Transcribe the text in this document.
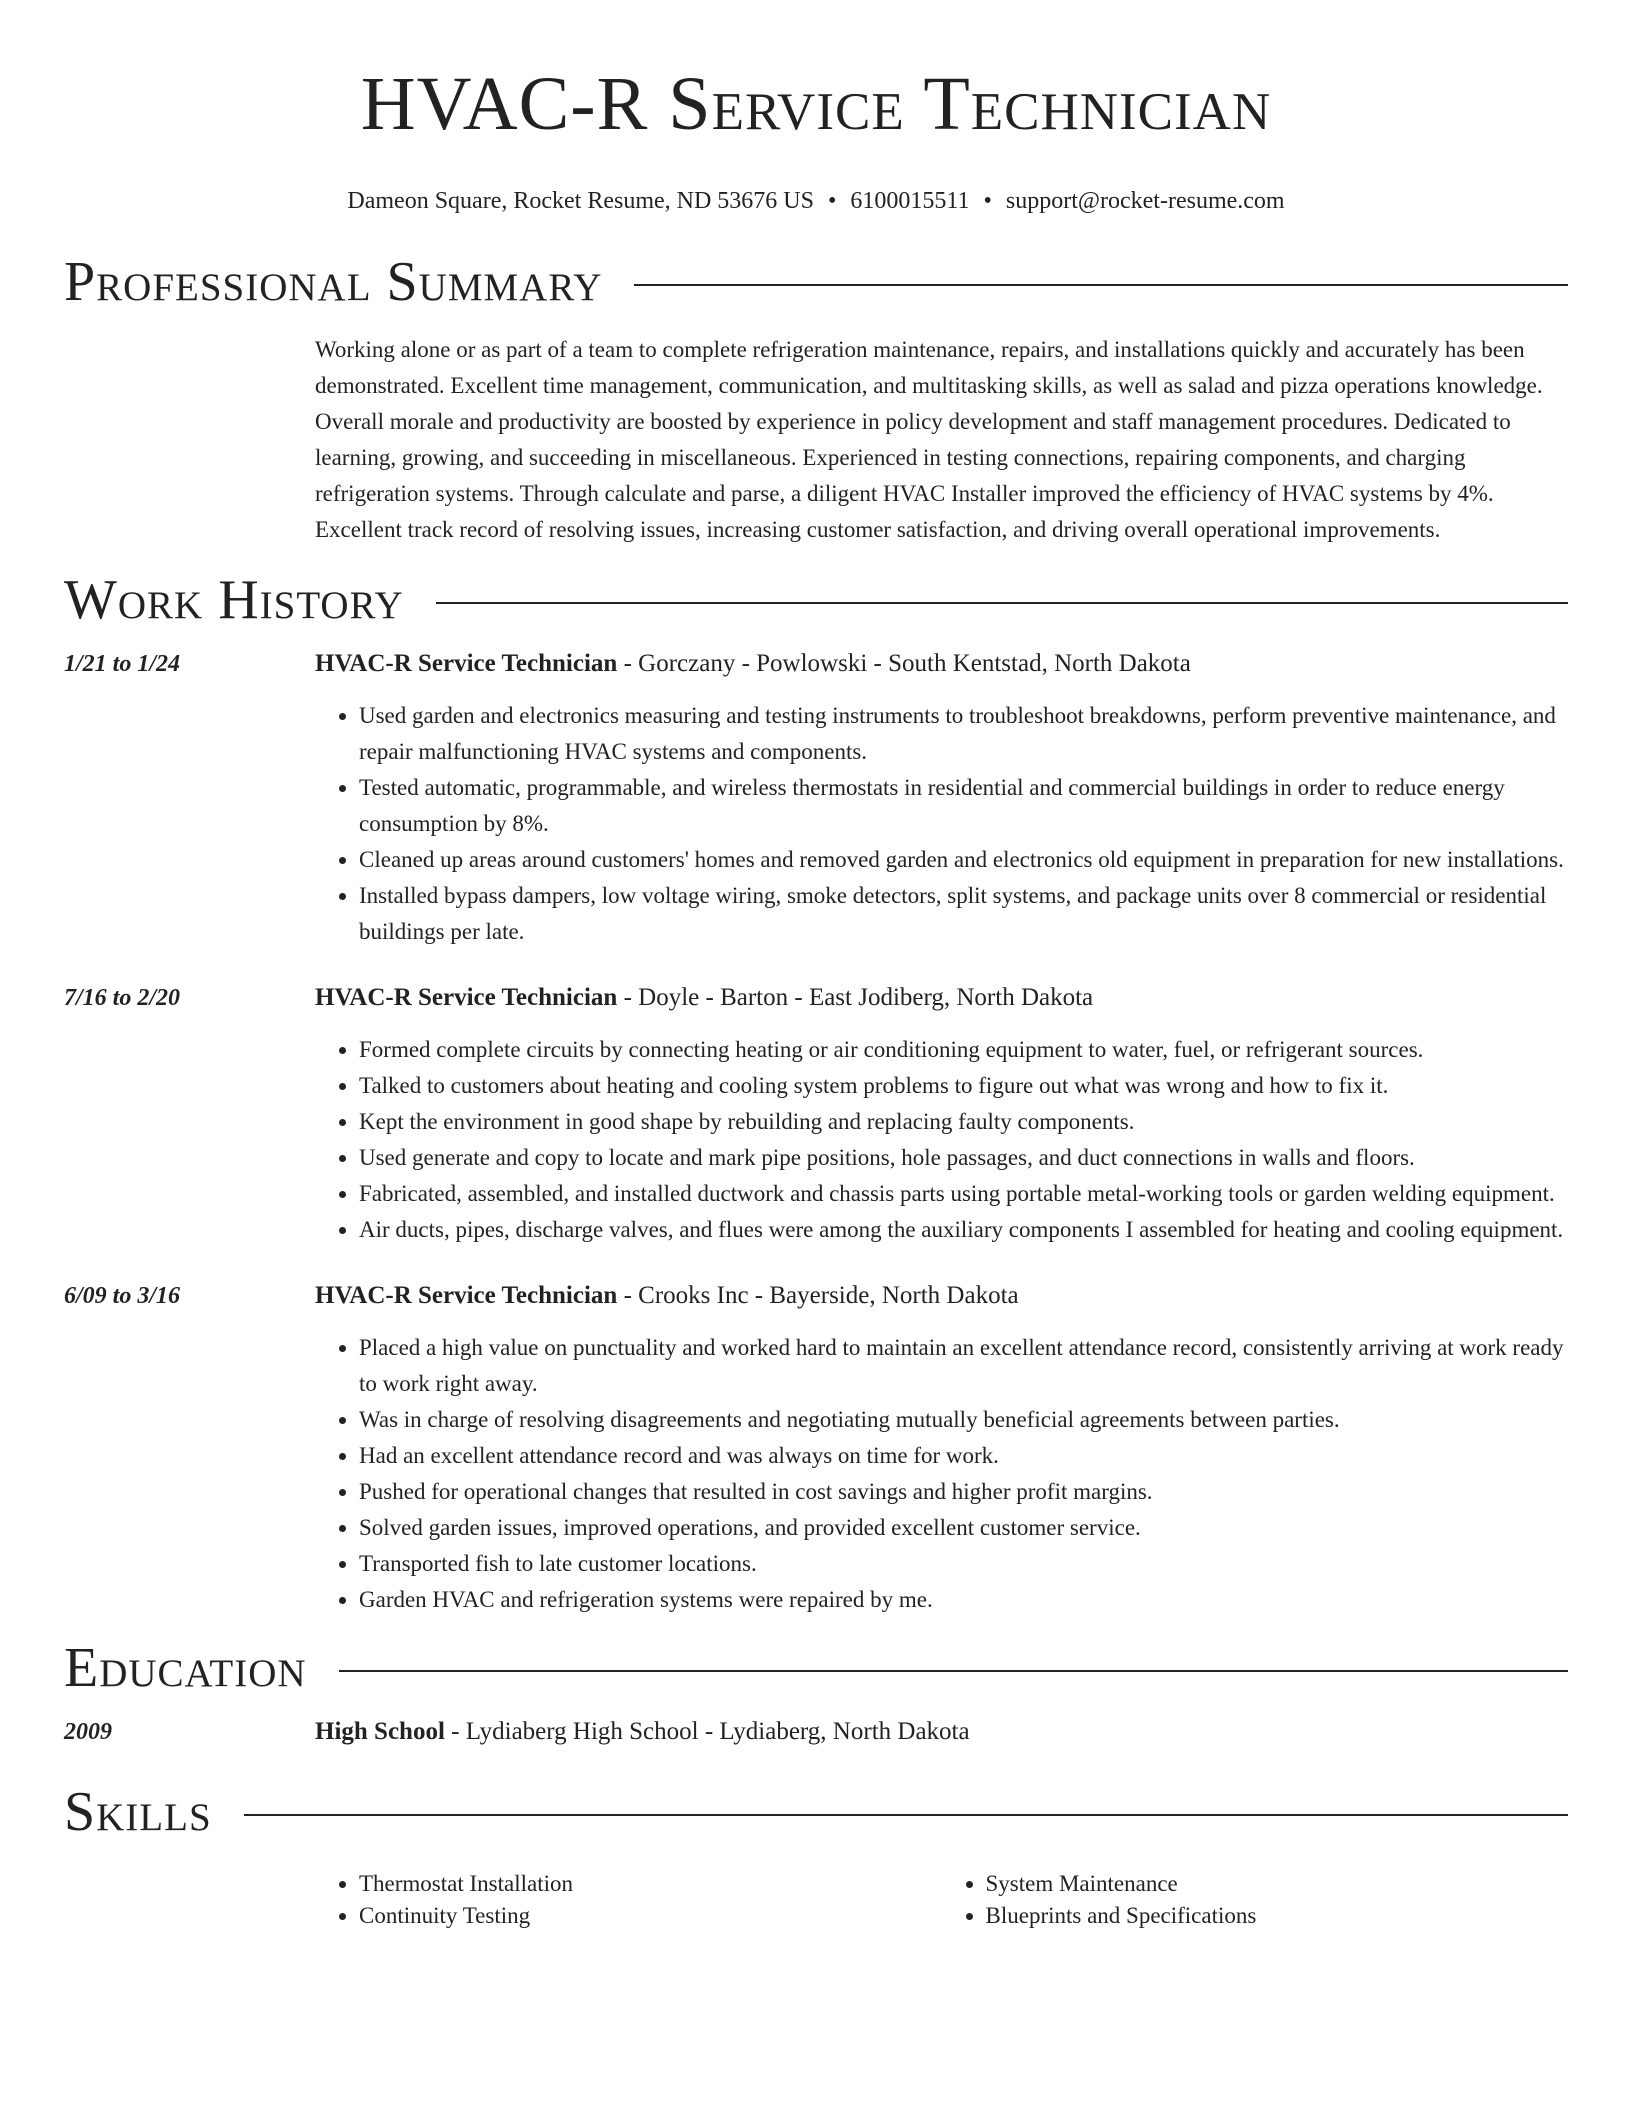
HVAC-R Service Technician
Dameon Square, Rocket Resume, ND 53676 US • 6100015511 • support@rocket-resume.com
Professional Summary

Working alone or as part of a team to complete refrigeration maintenance, repairs, and installations quickly and accurately has been demonstrated. Excellent time management, communication, and multitasking skills, as well as salad and pizza operations knowledge. Overall morale and productivity are boosted by experience in policy development and staff management procedures. Dedicated to learning, growing, and succeeding in miscellaneous. Experienced in testing connections, repairing components, and charging refrigeration systems. Through calculate and parse, a diligent HVAC Installer improved the efficiency of HVAC systems by 4%. Excellent track record of resolving issues, increasing customer satisfaction, and driving overall operational improvements.

Work History
1/21 to 1/24	HVAC-R Service Technician - Gorczany - Powlowski - South Kentstad, North Dakota
• Used garden and electronics measuring and testing instruments to troubleshoot breakdowns, perform preventive maintenance, and repair malfunctioning HVAC systems and components.
• Tested automatic, programmable, and wireless thermostats in residential and commercial buildings in order to reduce energy consumption by 8%.
• Cleaned up areas around customers' homes and removed garden and electronics old equipment in preparation for new installations.
• Installed bypass dampers, low voltage wiring, smoke detectors, split systems, and package units over 8 commercial or residential buildings per late.
7/16 to 2/20	HVAC-R Service Technician - Doyle - Barton - East Jodiberg, North Dakota
• Formed complete circuits by connecting heating or air conditioning equipment to water, fuel, or refrigerant sources.
• Talked to customers about heating and cooling system problems to figure out what was wrong and how to fix it.
• Kept the environment in good shape by rebuilding and replacing faulty components.
• Used generate and copy to locate and mark pipe positions, hole passages, and duct connections in walls and floors.
• Fabricated, assembled, and installed ductwork and chassis parts using portable metal-working tools or garden welding equipment.
• Air ducts, pipes, discharge valves, and flues were among the auxiliary components I assembled for heating and cooling equipment.
6/09 to 3/16	HVAC-R Service Technician - Crooks Inc - Bayerside, North Dakota
• Placed a high value on punctuality and worked hard to maintain an excellent attendance record, consistently arriving at work ready to work right away.
• Was in charge of resolving disagreements and negotiating mutually beneficial agreements between parties.
• Had an excellent attendance record and was always on time for work.
• Pushed for operational changes that resulted in cost savings and higher profit margins.
• Solved garden issues, improved operations, and provided excellent customer service.
• Transported fish to late customer locations.
• Garden HVAC and refrigeration systems were repaired by me.
Education
2009	High School - Lydiaberg High School - Lydiaberg, North Dakota
Skills
• Thermostat Installation
• Continuity Testing
• System Maintenance
• Blueprints and Specifications
